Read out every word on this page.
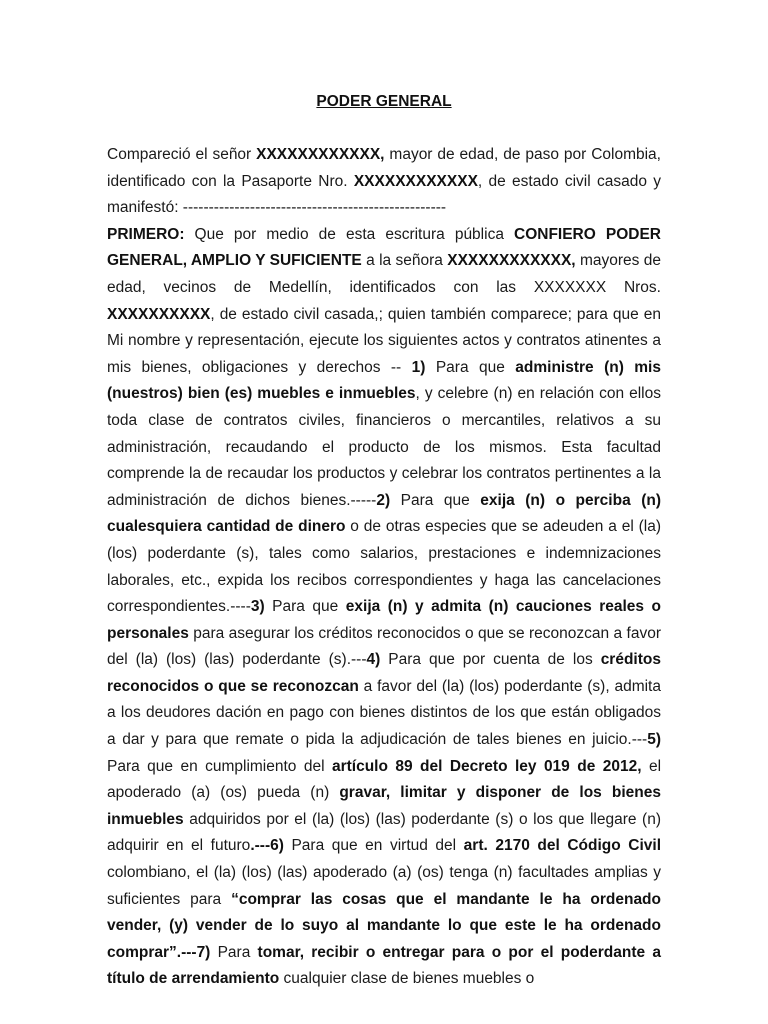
PODER GENERAL

Compareció el señor XXXXXXXXXXXX, mayor de edad, de paso por Colombia, identificado con la Pasaporte Nro. XXXXXXXXXXXX, de estado civil casado y manifestó: ---------------------------------------------------

PRIMERO: Que por medio de esta escritura pública CONFIERO PODER GENERAL, AMPLIO Y SUFICIENTE a la señora XXXXXXXXXXXX, mayores de edad, vecinos de Medellín, identificados con las XXXXXXX Nros. XXXXXXXXXX, de estado civil casada,; quien también comparece; para que en Mi nombre y representación, ejecute los siguientes actos y contratos atinentes a mis bienes, obligaciones y derechos -- 1) Para que administre (n) mis (nuestros) bien (es) muebles e inmuebles, y celebre (n) en relación con ellos toda clase de contratos civiles, financieros o mercantiles, relativos a su administración, recaudando el producto de los mismos. Esta facultad comprende la de recaudar los productos y celebrar los contratos pertinentes a la administración de dichos bienes.-----2) Para que exija (n) o perciba (n) cualesquiera cantidad de dinero o de otras especies que se adeuden a el (la) (los) poderdante (s), tales como salarios, prestaciones e indemnizaciones laborales, etc., expida los recibos correspondientes y haga las cancelaciones correspondientes.----3) Para que exija (n) y admita (n) cauciones reales o personales para asegurar los créditos reconocidos o que se reconozcan a favor del (la) (los) (las) poderdante (s).---4) Para que por cuenta de los créditos reconocidos o que se reconozcan a favor del (la) (los) poderdante (s), admita a los deudores dación en pago con bienes distintos de los que están obligados a dar y para que remate o pida la adjudicación de tales bienes en juicio.---5) Para que en cumplimiento del artículo 89 del Decreto ley 019 de 2012, el apoderado (a) (os) pueda (n) gravar, limitar y disponer de los bienes inmuebles adquiridos por el (la) (los) (las) poderdante (s) o los que llegare (n) adquirir en el futuro.---6) Para que en virtud del art. 2170 del Código Civil colombiano, el (la) (los) (las) apoderado (a) (os) tenga (n) facultades amplias y suficientes para “comprar las cosas que el mandante le ha ordenado vender, (y) vender de lo suyo al mandante lo que este le ha ordenado comprar”.---7) Para tomar, recibir o entregar para o por el poderdante a título de arrendamiento cualquier clase de bienes muebles o
